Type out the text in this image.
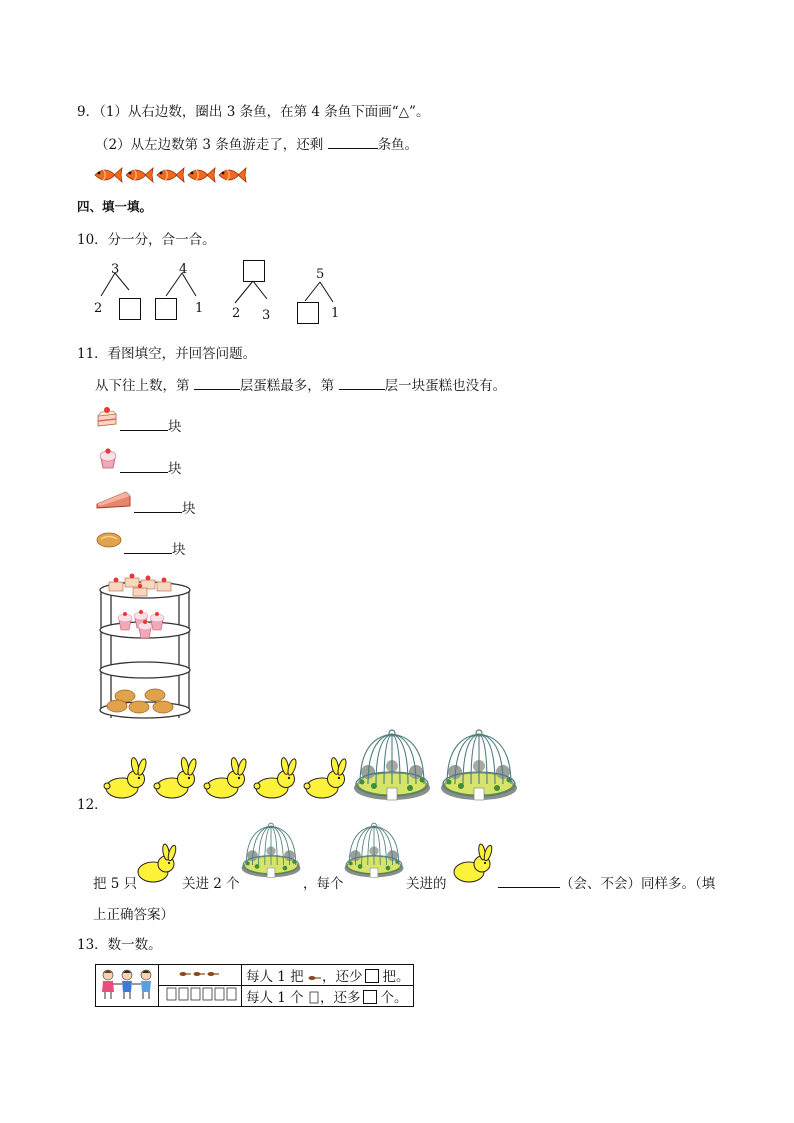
9．（1）从右边数，圈出 3 条鱼，在第 4 条鱼下面画“△”。
（2）从左边数第 3 条鱼游走了，还剩	条鱼。
四、填一填。
10．分一分，合一合。
3
2
4
1 2 3
5
1
11．看图填空，并回答问题。
从下往上数，第	层蛋糕最多，第	层一块蛋糕也没有。
块
块
块
块
12．
把 5 只	关进 2 个	，每个	关进的	（会、不会）同样多。（填
上正确答案）
13．数一数。
		每人 1 把 ，还少 把。
	每人 1 个 ，还多 个。
